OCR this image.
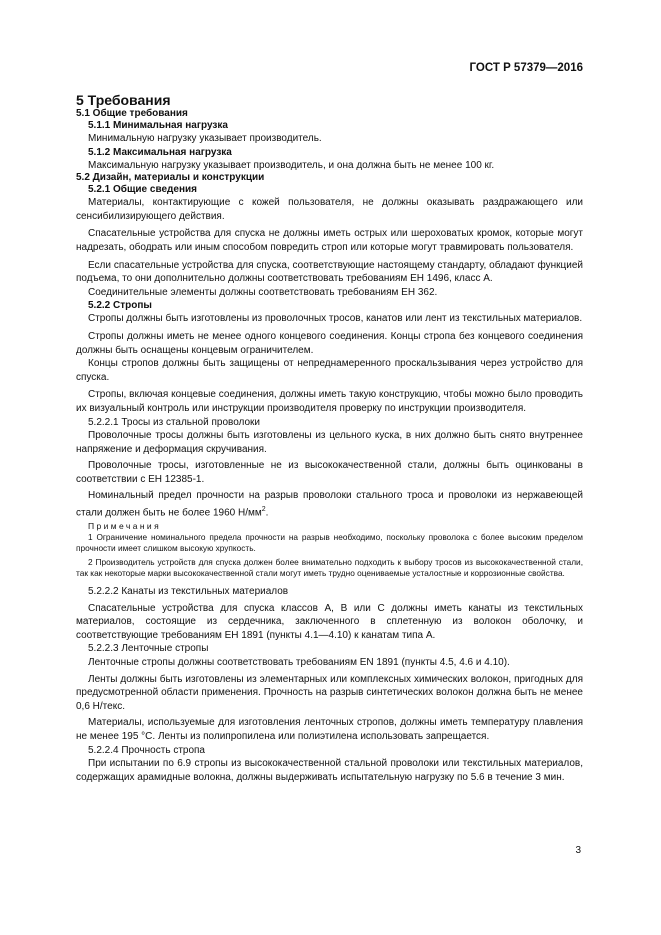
ГОСТ Р 57379—2016
5 Требования
5.1 Общие требования
5.1.1 Минимальная нагрузка

Минимальную нагрузку указывает производитель.

5.1.2 Максимальная нагрузка

Максимальную нагрузку указывает производитель, и она должна быть не менее 100 кг.

5.2 Дизайн, материалы и конструкции
5.2.1 Общие сведения

Материалы, контактирующие с кожей пользователя, не должны оказывать раздражающего или сенсибилизирующего действия.

Спасательные устройства для спуска не должны иметь острых или шероховатых кромок, которые могут надрезать, ободрать или иным способом повредить строп или которые могут травмировать пользователя.

Если спасательные устройства для спуска, соответствующие настоящему стандарту, обладают функцией подъема, то они дополнительно должны соответствовать требованиям ЕН 1496, класс А.

Соединительные элементы должны соответствовать требованиям ЕН 362.

5.2.2 Стропы

Стропы должны быть изготовлены из проволочных тросов, канатов или лент из текстильных материалов.

Стропы должны иметь не менее одного концевого соединения. Концы стропа без концевого соединения должны быть оснащены концевым ограничителем.

Концы стропов должны быть защищены от непреднамеренного проскальзывания через устройство для спуска.

Стропы, включая концевые соединения, должны иметь такую конструкцию, чтобы можно было проводить их визуальный контроль или инструкции производителя проверку по инструкции производителя.

5.2.2.1 Тросы из стальной проволоки

Проволочные тросы должны быть изготовлены из цельного куска, в них должно быть снято внутреннее напряжение и деформация скручивания.

Проволочные тросы, изготовленные не из высококачественной стали, должны быть оцинкованы в соответствии с ЕН 12385-1.

Номинальный предел прочности на разрыв проволоки стального троса и проволоки из нержавеющей стали должен быть не более 1960 $Н/мм^2$.

Примечания

1 Ограничение номинального предела прочности на разрыв необходимо, поскольку проволока с более высоким пределом прочности имеет слишком высокую хрупкость.

2 Производитель устройств для спуска должен более внимательно подходить к выбору тросов из высококачественной стали, так как некоторые марки высококачественной стали могут иметь трудно оцениваемые усталостные и коррозионные свойства.

5.2.2.2 Канаты из текстильных материалов

Спасательные устройства для спуска классов А, В или С должны иметь канаты из текстильных материалов, состоящие из сердечника, заключенного в сплетенную из волокон оболочку, и соответствующие требованиям ЕН 1891 (пункты 4.1—4.10) к канатам типа А.

5.2.2.3 Ленточные стропы

Ленточные стропы должны соответствовать требованиям EN 1891 (пункты 4.5, 4.6 и 4.10).

Ленты должны быть изготовлены из элементарных или комплексных химических волокон, пригодных для предусмотренной области применения. Прочность на разрыв синтетических волокон должна быть не менее 0,6 Н/текс.

Материалы, используемые для изготовления ленточных стропов, должны иметь температуру плавления не менее 195 °С. Ленты из полипропилена или полиэтилена использовать запрещается.

5.2.2.4 Прочность стропа

При испытании по 6.9 стропы из высококачественной стальной проволоки или текстильных материалов, содержащих арамидные волокна, должны выдерживать испытательную нагрузку по 5.6 в течение 3 мин.

3
